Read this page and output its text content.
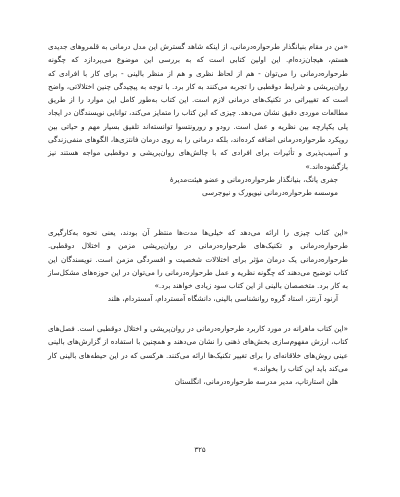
«من در مقام بنیانگذار طرحواره‌درمانی، از اینکه شاهد گسترش این مدل درمانی به قلمروهای جدیدی هستم، هیجان‌زده‌ام. این اولین کتابی است که به بررسی این موضوع می‌پردازد که چگونه طرحواره‌درمانی را می‌توان - هم از لحاظ نظری و هم از منظر بالینی - برای کار با افرادی که روان‌پریشی و شرایط دوقطبی را تجربه می‌کنند به کار برد. با توجه به پیچیدگی چنین اختلالاتی، واضح است که تغییراتی در تکنیک‌های درمانی لازم است. این کتاب به‌طور کامل این موارد را از طریق مطالعات موردی دقیق نشان می‌دهد. چیزی که این کتاب را متمایز می‌کند، توانایی نویسندگان در ایجاد پلی یکپارچه بین نظریه و عمل است. رودو و رورونتسوا توانسته‌اند تلفیق بسیار مهم و حیاتی بین رویکرد طرحواره‌درمانی اضافه کرده‌اند، بلکه درمانی را به روی درمان فانتزی‌ها، الگوهای منفی‌زندگی و آسیب‌پذیری و تأثیرات برای افرادی که با چالش‌های روان‌پریشی و دوقطبی مواجه هستند نیز بازگشوده‌اند.»

جفری یانگ، بنیانگذار طرحواره‌درمانی و عضو هیئت‌مدیرهٔ

موسسه طرحواره‌درمانی نیویورک و نیوجرسی

«این کتاب چیزی را ارائه می‌دهد که خیلی‌ها مدت‌ها منتظر آن بودند، یعنی نحوه به‌کارگیری طرحواره‌درمانی و تکنیک‌های طرحواره‌درمانی در روان‌پریشی مزمن و اختلال دوقطبی. طرحواره‌درمانی یک درمان مؤثر برای اختلالات شخصیت و افسردگی مزمن است. نویسندگان این کتاب توضیح می‌دهند که چگونه نظریه و عمل طرحواره‌درمانی را می‌توان در این حوزه‌های مشکل‌ساز به کار برد. متخصصان بالینی از این کتاب سود زیادی خواهند برد.»

آرنود آرنتز، استاد گروه روانشناسی بالینی، دانشگاه آمستردام، آمستردام، هلند

«این کتاب ماهرانه در مورد کاربرد طرحواره‌درمانی در روان‌پریشی و اختلال دوقطبی است. فصل‌های کتاب، ارزش مفهوم‌سازی بخش‌های ذهنی را نشان می‌دهند و همچنین با استفاده از گزارش‌های بالینی عینی روش‌های خلاقانه‌ای را برای تغییر تکنیک‌ها ارائه می‌کنند. هرکسی که در این حیطه‌های بالینی کار می‌کند باید این کتاب را بخواند.»

هلن استارتاپ، مدیر مدرسه طرحواره‌درمانی، انگلستان

۳۲۵
